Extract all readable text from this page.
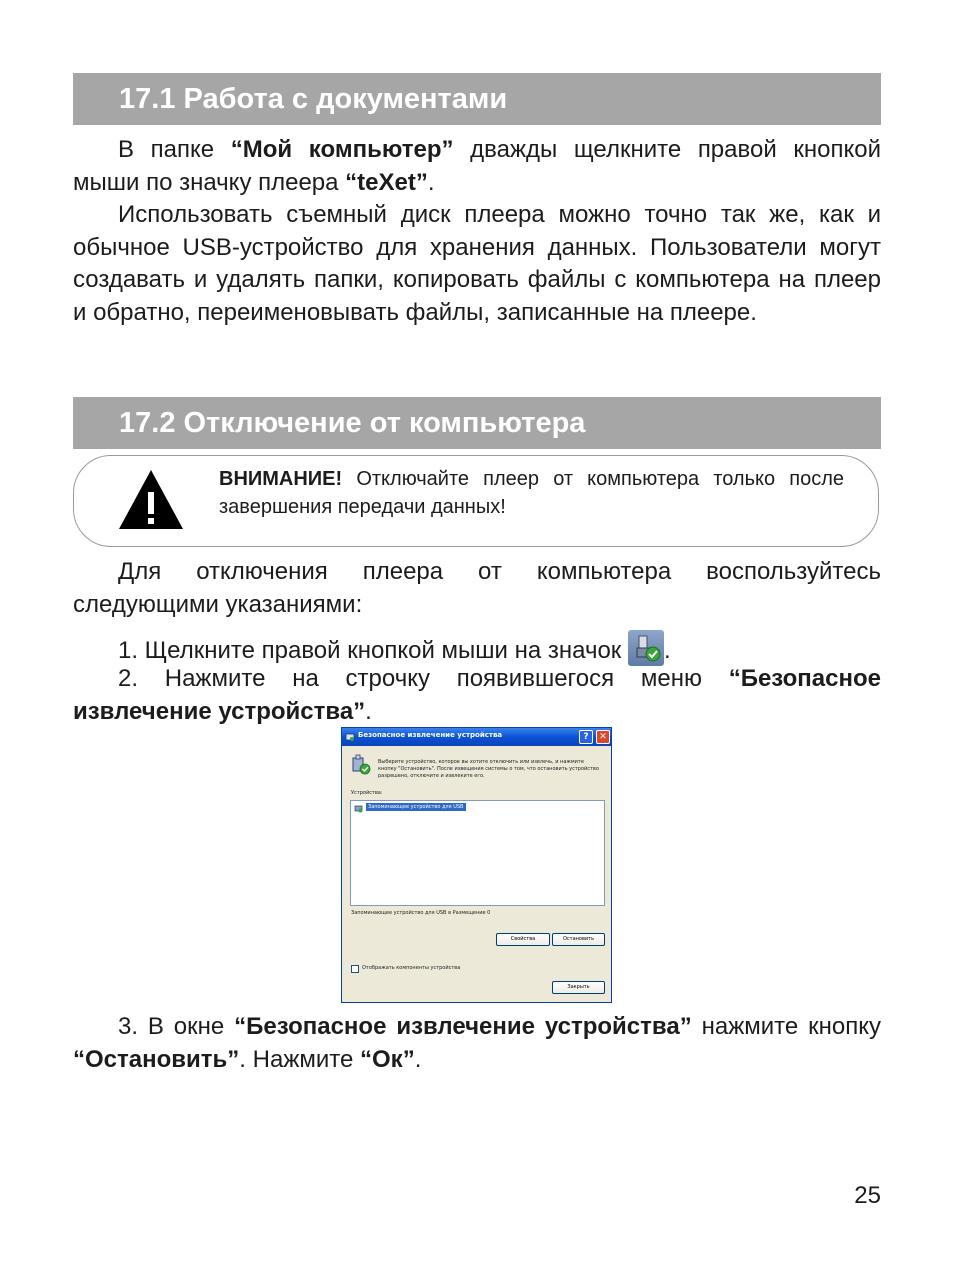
17.1 Работа с документами

В папке “Мой компьютер” дважды щелкните правой кнопкой мыши по значку плеера “teXet”.

Использовать съемный диск плеера можно точно так же, как и обычное USB-устройство для хранения данных. Пользователи могут создавать и удалять папки, копировать файлы с компьютера на плеер и обратно, переименовывать файлы, записанные на плеере.

17.2 Отключение от компьютера

ВНИМАНИЕ! Отключайте плеер от компьютера только после завершения передачи данных!

Для отключения плеера от компьютера воспользуйтесь следующими указаниями:

1. Щелкните правой кнопкой мыши на значок .

2. Нажмите на строчку появившегося меню “Безопасное извлечение устройства”.

Безопасное извлечение устройства	?	✕

Выберите устройство, которое вы хотите отключить или извлечь, и нажмите кнопку "Остановить". После извещения системы о том, что остановить устройство разрешено, отключите и извлеките его.

Устройства:
Запоминающее устройство для USB
Запоминающее устройство для USB в Размещение 0
Свойства	Остановить
Отображать компоненты устройства
Закрыть

3. В окне “Безопасное извлечение устройства” нажмите кнопку “Остановить”. Нажмите “Ок”.

25
